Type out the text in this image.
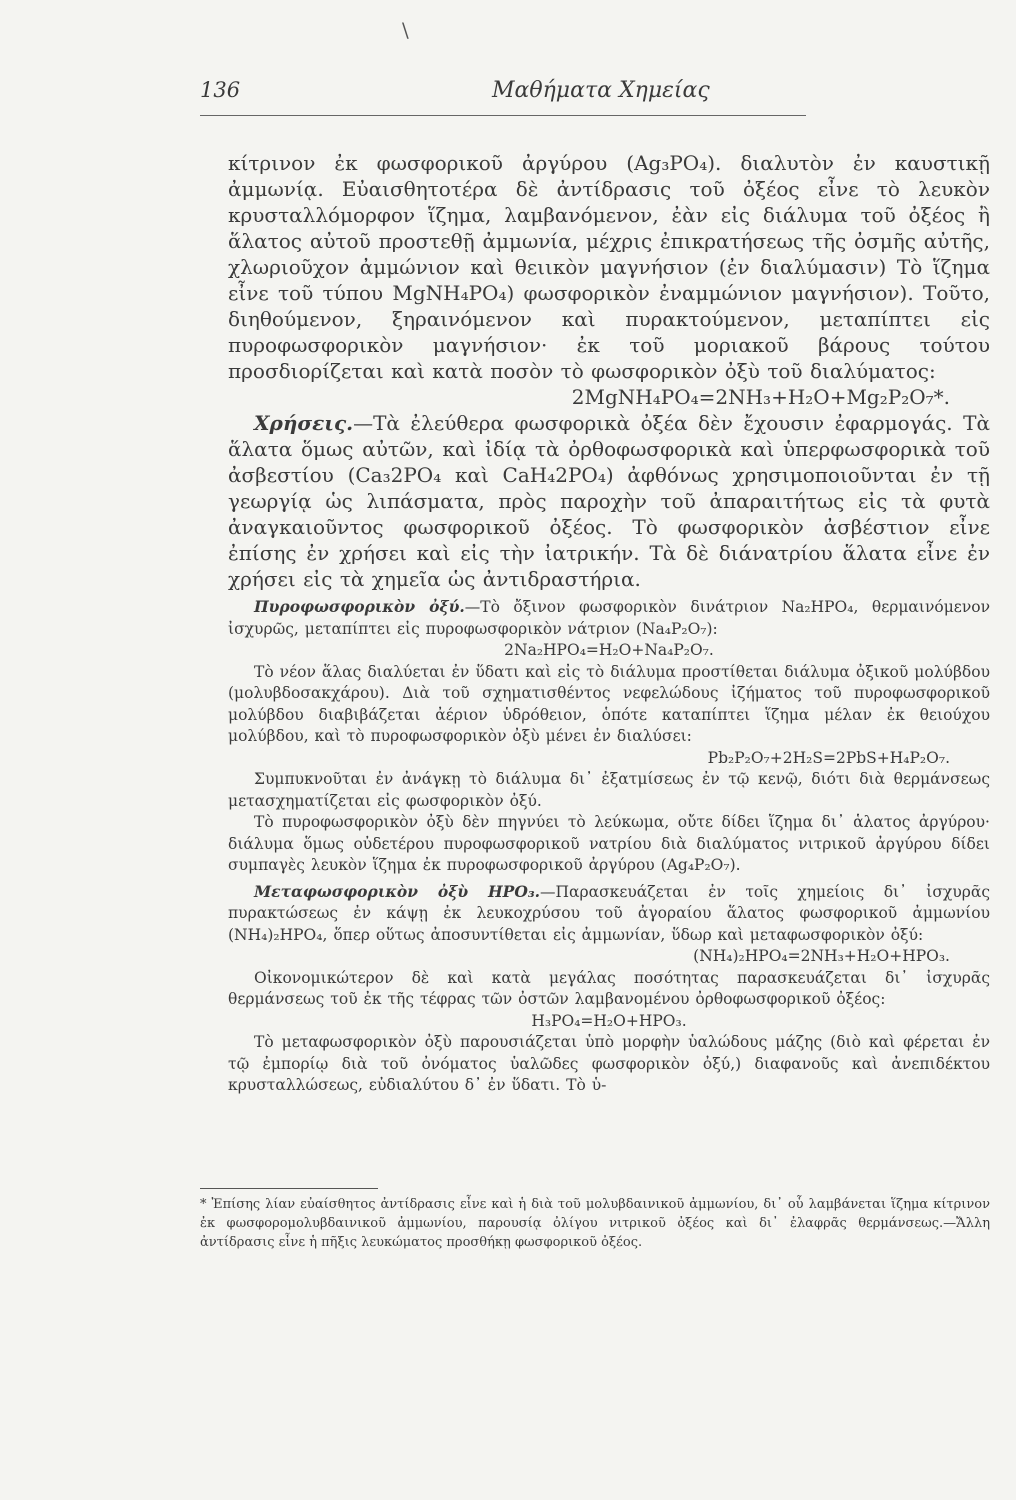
\
136	Μαθήματα Χημείας

κίτρινον ἐκ φωσφορικοῦ ἀργύρου (Ag₃PO₄). διαλυτὸν ἐν καυστικῇ ἀμμωνίᾳ. Εὐαισθητοτέρα δὲ ἀντίδρασις τοῦ ὀξέος εἶνε τὸ λευκὸν κρυσταλλόμορφον ἵζημα, λαμβανόμενον, ἐὰν εἰς διάλυμα τοῦ ὀξέος ἢ ἅλατος αὐτοῦ προστεθῇ ἀμμωνία, μέχρις ἐπικρατήσεως τῆς ὀσμῆς αὐτῆς, χλωριοῦχον ἀμμώνιον καὶ θειικὸν μαγνήσιον (ἐν διαλύμασιν) Τὸ ἵζημα εἶνε τοῦ τύπου MgNH₄PO₄) φωσφορικὸν ἐναμμώνιον μαγνήσιον). Τοῦτο, διηθούμενον, ξηραινόμενον καὶ πυρακτούμενον, μεταπίπτει εἰς πυροφωσφορικὸν μαγνήσιον· ἐκ τοῦ μοριακοῦ βάρους τούτου προσδιορίζεται καὶ κατὰ ποσὸν τὸ φωσφορικὸν ὀξὺ τοῦ διαλύματος:

2MgNH₄PO₄=2NH₃+H₂O+Mg₂P₂O₇*.

Χρήσεις.—Τὰ ἐλεύθερα φωσφορικὰ ὀξέα δὲν ἔχουσιν ἐφαρμογάς. Τὰ ἅλατα ὅμως αὐτῶν, καὶ ἰδίᾳ τὰ ὀρθοφωσφορικὰ καὶ ὑπερφωσφορικὰ τοῦ ἀσβεστίου (Ca₃2PO₄ καὶ CaH₄2PO₄) ἀφθόνως χρησιμοποιοῦνται ἐν τῇ γεωργίᾳ ὡς λιπάσματα, πρὸς παροχὴν τοῦ ἀπαραιτήτως εἰς τὰ φυτὰ ἀναγκαιοῦντος φωσφορικοῦ ὀξέος. Τὸ φωσφορικὸν ἀσβέστιον εἶνε ἐπίσης ἐν χρήσει καὶ εἰς τὴν ἰατρικήν. Τὰ δὲ διάνατρίου ἅλατα εἶνε ἐν χρήσει εἰς τὰ χημεῖα ὡς ἀντιδραστήρια.

Πυροφωσφορικὸν ὀξύ.—Τὸ ὄξινον φωσφορικὸν δινάτριον Na₂HPO₄, θερμαινόμενον ἰσχυρῶς, μεταπίπτει εἰς πυροφωσφορικὸν νάτριον (Na₄P₂O₇):

2Na₂HPO₄=H₂O+Na₄P₂O₇.

Τὸ νέον ἅλας διαλύεται ἐν ὕδατι καὶ εἰς τὸ διάλυμα προστίθεται διάλυμα ὀξικοῦ μολύβδου (μολυβδοσακχάρου). Διὰ τοῦ σχηματισθέντος νεφελώδους ἰζήματος τοῦ πυροφωσφορικοῦ μολύβδου διαβιβάζεται ἀέριον ὑδρόθειον, ὁπότε καταπίπτει ἵζημα μέλαν ἐκ θειούχου μολύβδου, καὶ τὸ πυροφωσφορικὸν ὀξὺ μένει ἐν διαλύσει:

Pb₂P₂O₇+2H₂S=2PbS+H₄P₂O₇.

Συμπυκνοῦται ἐν ἀνάγκῃ τὸ διάλυμα δι᾿ ἐξατμίσεως ἐν τῷ κενῷ, διότι διὰ θερμάνσεως μετασχηματίζεται εἰς φωσφορικὸν ὀξύ.

Τὸ πυροφωσφορικὸν ὀξὺ δὲν πηγνύει τὸ λεύκωμα, οὔτε δίδει ἵζημα δι᾿ ἁλατος ἀργύρου· διάλυμα ὅμως οὐδετέρου πυροφωσφορικοῦ νατρίου διὰ διαλύματος νιτρικοῦ ἀργύρου δίδει συμπαγὲς λευκὸν ἵζημα ἐκ πυροφωσφορικοῦ ἀργύρου (Ag₄P₂O₇).

Μεταφωσφορικὸν ὀξὺ HPO₃.—Παρασκευάζεται ἐν τοῖς χημείοις δι᾿ ἰσχυρᾶς πυρακτώσεως ἐν κάψῃ ἐκ λευκοχρύσου τοῦ ἀγοραίου ἅλατος φωσφορικοῦ ἀμμωνίου (NH₄)₂HPO₄, ὅπερ οὕτως ἀποσυντίθεται εἰς ἀμμωνίαν, ὕδωρ καὶ μεταφωσφορικὸν ὀξύ:

(NH₄)₂HPO₄=2NH₃+H₂O+HPO₃.

Οἰκονομικώτερον δὲ καὶ κατὰ μεγάλας ποσότητας παρασκευάζεται δι᾿ ἰσχυρᾶς θερμάνσεως τοῦ ἐκ τῆς τέφρας τῶν ὀστῶν λαμβανομένου ὀρθοφωσφορικοῦ ὀξέος:

H₃PO₄=H₂O+HPO₃.

Τὸ μεταφωσφορικὸν ὀξὺ παρουσιάζεται ὑπὸ μορφὴν ὑαλώδους μάζης (διὸ καὶ φέρεται ἐν τῷ ἐμπορίῳ διὰ τοῦ ὀνόματος ὑαλῶδες φωσφορικὸν ὀξύ,) διαφανοῦς καὶ ἀνεπιδέκτου κρυσταλλώσεως, εὐδιαλύτου δ᾿ ἐν ὕδατι. Τὸ ὑ-

* Ἐπίσης λίαν εὐαίσθητος ἀντίδρασις εἶνε καὶ ἡ διὰ τοῦ μολυβδαινικοῦ ἀμμωνίου, δι᾿ οὗ λαμβάνεται ἵζημα κίτρινον ἐκ φωσφορομολυβδαινικοῦ ἀμμωνίου, παρουσίᾳ ὀλίγου νιτρικοῦ ὀξέος καὶ δι᾿ ἐλαφρᾶς θερμάνσεως.—Ἄλλη ἀντίδρασις εἶνε ἡ πῆξις λευκώματος προσθήκῃ φωσφορικοῦ ὀξέος.
